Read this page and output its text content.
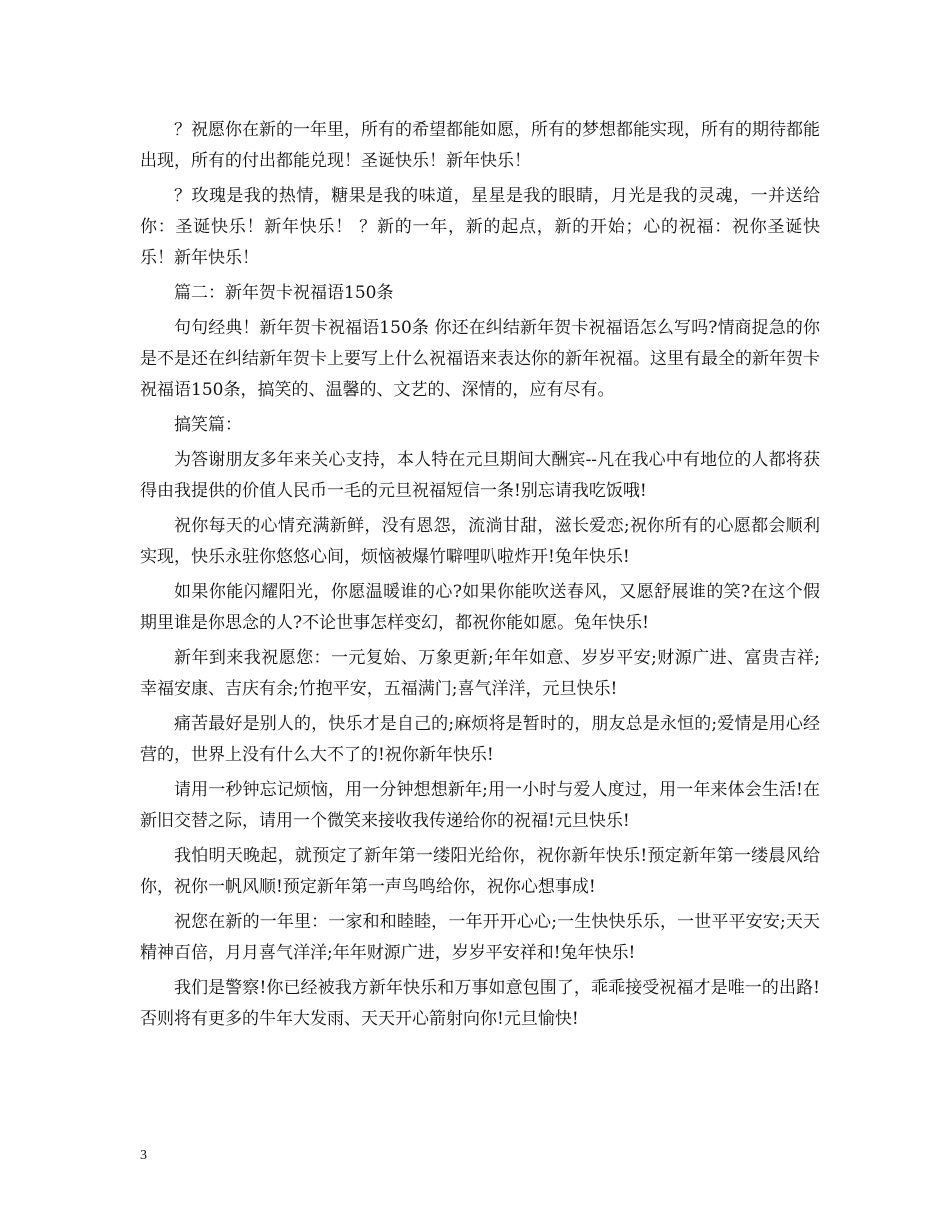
？祝愿你在新的一年里，所有的希望都能如愿，所有的梦想都能实现，所有的期待都能出现，所有的付出都能兑现！圣诞快乐！新年快乐！

？玫瑰是我的热情，糖果是我的味道，星星是我的眼睛，月光是我的灵魂，一并送给你：圣诞快乐！新年快乐！ ？新的一年，新的起点，新的开始；心的祝福：祝你圣诞快乐！新年快乐！

篇二：新年贺卡祝福语150条

句句经典！新年贺卡祝福语150条 你还在纠结新年贺卡祝福语怎么写吗?情商捉急的你是不是还在纠结新年贺卡上要写上什么祝福语来表达你的新年祝福。这里有最全的新年贺卡祝福语150条，搞笑的、温馨的、文艺的、深情的，应有尽有。

搞笑篇：

为答谢朋友多年来关心支持，本人特在元旦期间大酬宾--凡在我心中有地位的人都将获得由我提供的价值人民币一毛的元旦祝福短信一条!别忘请我吃饭哦!

祝你每天的心情充满新鲜，没有恩怨，流淌甘甜，滋长爱恋;祝你所有的心愿都会顺利实现，快乐永驻你悠悠心间，烦恼被爆竹噼哩叭啦炸开!兔年快乐!

如果你能闪耀阳光，你愿温暖谁的心?如果你能吹送春风，又愿舒展谁的笑?在这个假期里谁是你思念的人?不论世事怎样变幻，都祝你能如愿。兔年快乐!

新年到来我祝愿您：一元复始、万象更新;年年如意、岁岁平安;财源广进、富贵吉祥;幸福安康、吉庆有余;竹抱平安，五福满门;喜气洋洋，元旦快乐!

痛苦最好是别人的，快乐才是自己的;麻烦将是暂时的，朋友总是永恒的;爱情是用心经营的，世界上没有什么大不了的!祝你新年快乐!

请用一秒钟忘记烦恼，用一分钟想想新年;用一小时与爱人度过，用一年来体会生活!在新旧交替之际，请用一个微笑来接收我传递给你的祝福!元旦快乐!

我怕明天晚起，就预定了新年第一缕阳光给你，祝你新年快乐!预定新年第一缕晨风给你，祝你一帆风顺!预定新年第一声鸟鸣给你，祝你心想事成!

祝您在新的一年里：一家和和睦睦，一年开开心心;一生快快乐乐，一世平平安安;天天精神百倍，月月喜气洋洋;年年财源广进，岁岁平安祥和!兔年快乐!

我们是警察!你已经被我方新年快乐和万事如意包围了，乖乖接受祝福才是唯一的出路!否则将有更多的牛年大发雨、天天开心箭射向你!元旦愉快!

3
